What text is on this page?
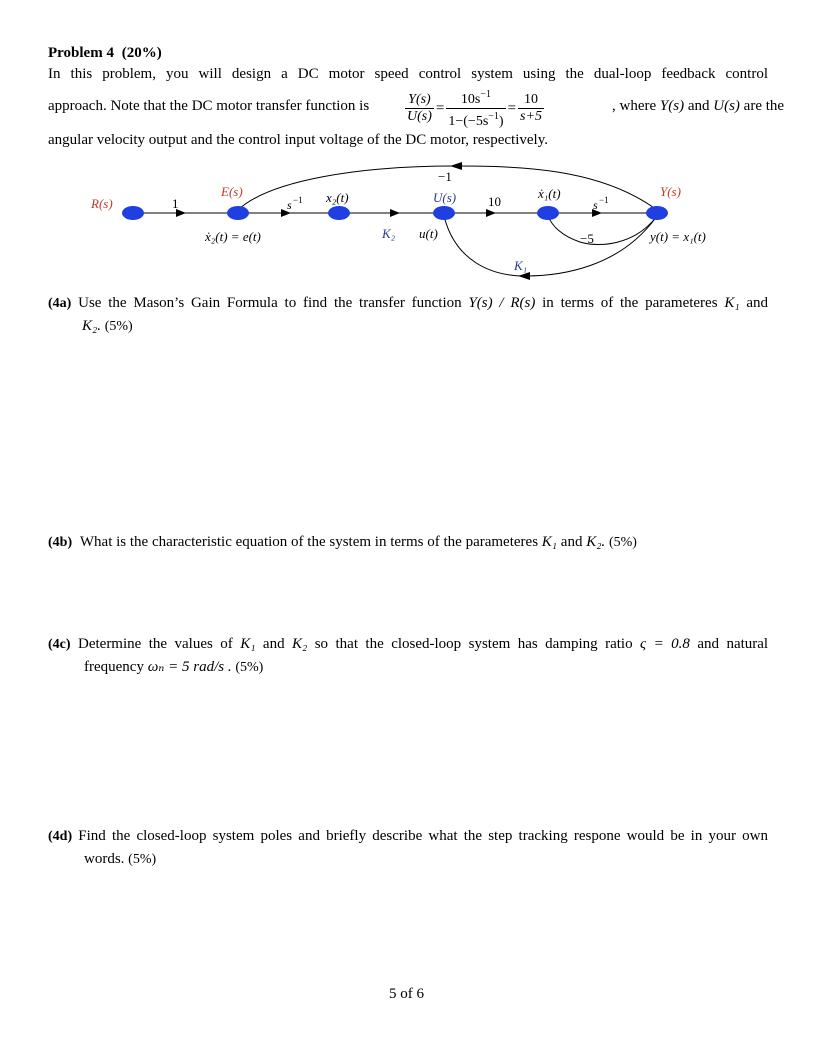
Problem 4 (20%)
In this problem, you will design a DC motor speed control system using the dual-loop feedback control
approach. Note that the DC motor transfer function is	$\frac{Y(s)}{U(s)} = \frac{10s^{-1}}{1-(-5s^{-1})} = \frac{10}{s+5}$	, where Y(s) and U(s) are the
angular velocity output and the control input voltage of the DC motor, respectively.
R(s)
E(s)	x₂(t)	U(s)	ẋ₁(t)	Y(s)
1	s −1
K₂
10	s −1
−5
−1
K₁
ẋ₂(t) = e(t)	u(t)	y(t) = x₁(t)
(4a) Use the Mason’s Gain Formula to find the transfer function Y(s) / R(s) in terms of the parameteres K₁ and
K₂. (5%)
(4b) What is the characteristic equation of the system in terms of the parameteres K₁ and K₂. (5%)
(4c) Determine the values of K₁ and K₂ so that the closed-loop system has damping ratio ς = 0.8 and natural
frequency ωₙ = 5 rad/s . (5%)
(4d) Find the closed-loop system poles and briefly describe what the step tracking respone would be in your own
words. (5%)
5 of 6
